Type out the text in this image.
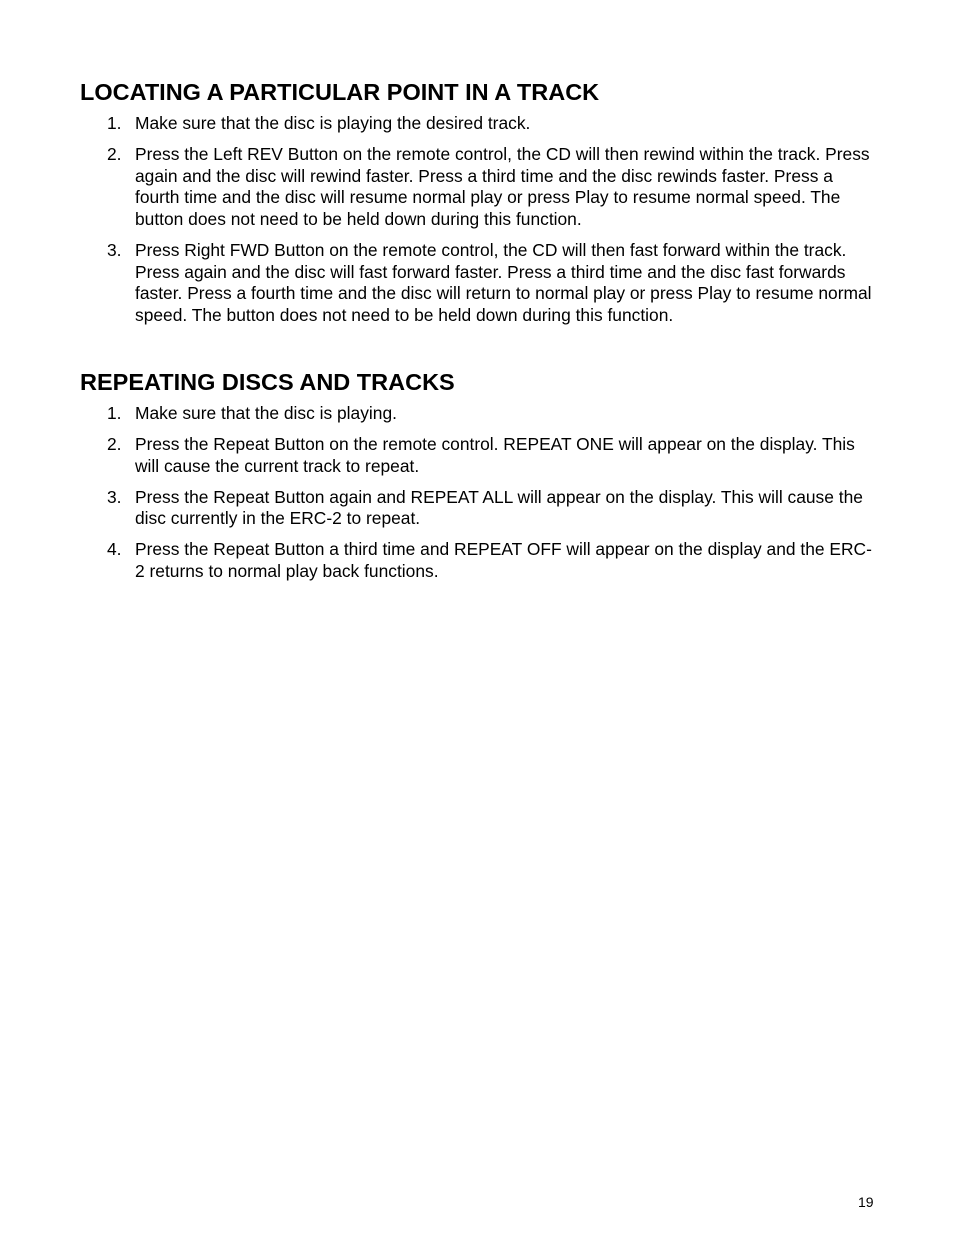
LOCATING A PARTICULAR POINT IN A TRACK
1. Make sure that the disc is playing the desired track.
2. Press the Left REV Button on the remote control, the CD will then rewind within the track. Press again and the disc will rewind faster. Press a third time and the disc rewinds faster. Press a fourth time and the disc will resume normal play or press Play to resume normal speed. The button does not need to be held down during this function.
3. Press Right FWD Button on the remote control, the CD will then fast forward within the track. Press again and the disc will fast forward faster. Press a third time and the disc fast forwards faster. Press a fourth time and the disc will return to normal play or press Play to resume normal speed. The button does not need to be held down during this function.
REPEATING DISCS AND TRACKS
1. Make sure that the disc is playing.
2. Press the Repeat Button on the remote control. REPEAT ONE will appear on the display. This will cause the current track to repeat.
3. Press the Repeat Button again and REPEAT ALL will appear on the display. This will cause the disc currently in the ERC-2 to repeat.
4. Press the Repeat Button a third time and REPEAT OFF will appear on the display and the ERC-2 returns to normal play back functions.
19
